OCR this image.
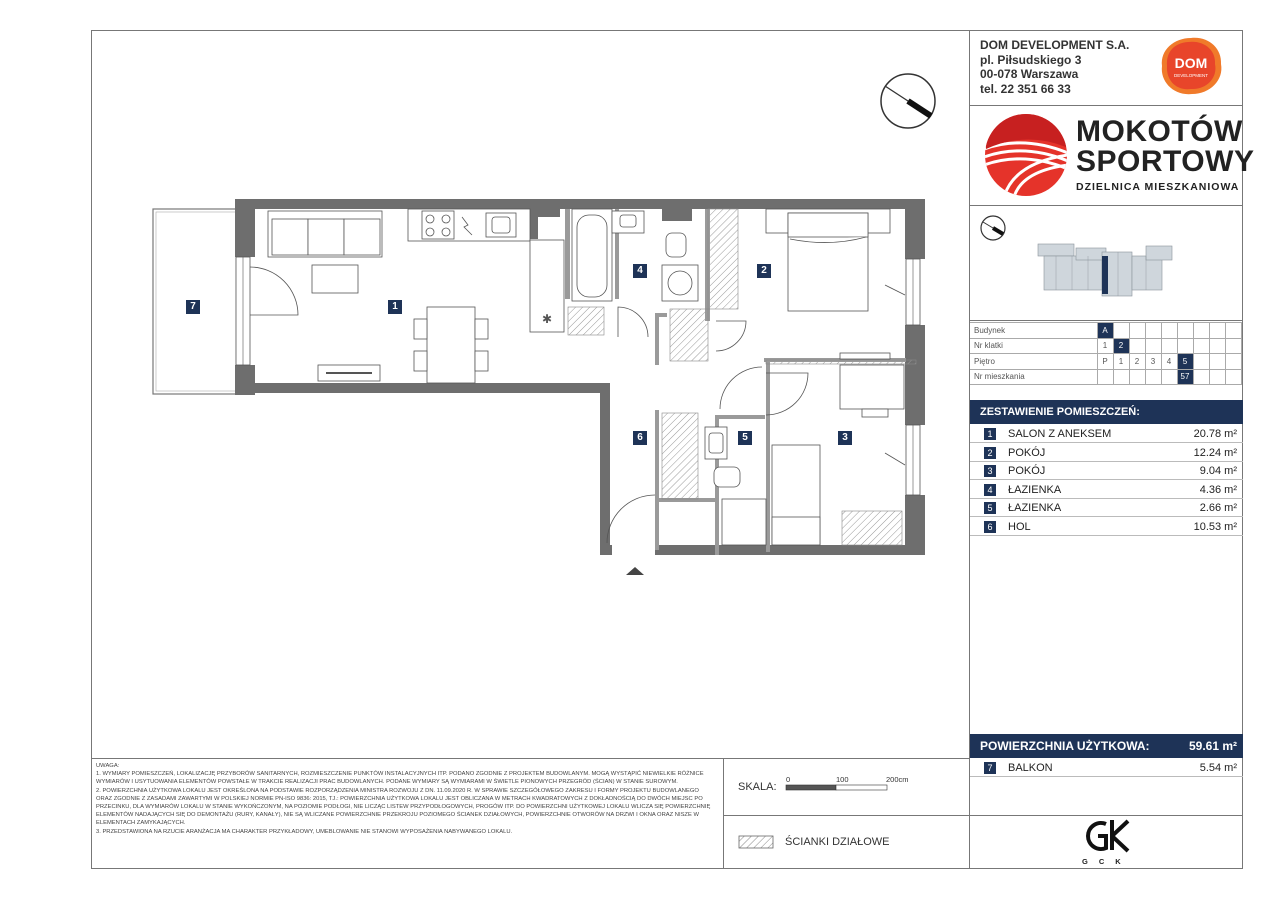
DOM DEVELOPMENT S.A.
pl. Piłsudskiego 3
00-078 Warszawa
tel. 22 351 66 33
DOM
DEVELOPMENT
MOKOTÓW
SPORTOWY
DZIELNICA MIESZKANIOWA
Budynek	A								
Nr klatki	1	2							
Piętro	P	1	2	3	4	5			
Nr mieszkania						57			
ZESTAWIENIE POMIESZCZEŃ:
1	SALON Z ANEKSEM	20.78 m²
2	POKÓJ	12.24 m²
3	POKÓJ	9.04 m²
4	ŁAZIENKA	4.36 m²
5	ŁAZIENKA	2.66 m²
6	HOL	10.53 m²
POWIERZCHNIA UŻYTKOWA:	59.61 m²
7	BALKON	5.54 m²
GCK

UWAGA:

1. WYMIARY POMIESZCZEŃ, LOKALIZACJĘ PRZYBORÓW SANITARNYCH, ROZMIESZCZENIE PUNKTÓW INSTALACYJNYCH ITP. PODANO ZGODNIE Z PROJEKTEM BUDOWLANYM. MOGĄ WYSTĄPIĆ NIEWIELKIE RÓŻNICE WYMIARÓW I USYTUOWANIA ELEMENTÓW POWSTAŁE W TRAKCIE REALIZACJI PRAC BUDOWLANYCH. PODANE WYMIARY SĄ WYMIARAMI W ŚWIETLE PIONOWYCH PRZEGRÓD (ŚCIAN) W STANIE SUROWYM.

2. POWIERZCHNIA UŻYTKOWA LOKALU JEST OKREŚLONA NA PODSTAWIE ROZPORZĄDZENIA MINISTRA ROZWOJU Z DN. 11.09.2020 R. W SPRAWIE SZCZEGÓŁOWEGO ZAKRESU I FORMY PROJEKTU BUDOWLANEGO ORAZ ZGODNIE Z ZASADAMI ZAWARTYMI W POLSKIEJ NORMIE PN-ISO 9836: 2015, TJ.: POWIERZCHNIA UŻYTKOWA LOKALU JEST OBLICZANA W METRACH KWADRATOWYCH Z DOKŁADNOŚCIĄ DO DWÓCH MIEJSC PO PRZECINKU, DLA WYMIARÓW LOKALU W STANIE WYKOŃCZONYM, NA POZIOMIE PODŁOGI, NIE LICZĄC LISTEW PRZYPODŁOGOWYCH, PROGÓW ITP. DO POWIERZCHNI UŻYTKOWEJ LOKALU WLICZA SIĘ POWIERZCHNIĘ ELEMENTÓW NADAJĄCYCH SIĘ DO DEMONTAŻU (RURY, KANAŁY), NIE SĄ WLICZANE POWIERZCHNIE PRZEKROJU POZIOMEGO ŚCIANEK DZIAŁOWYCH, POWIERZCHNIE OTWORÓW NA DRZWI I OKNA ORAZ NISZE W ELEMENTACH ZAMYKAJĄCYCH.

3. PRZEDSTAWIONA NA RZUCIE ARANŻACJA MA CHARAKTER PRZYKŁADOWY, UMEBLOWANIE NIE STANOWI WYPOSAŻENIA NABYWANEGO LOKALU.

SKALA:
0	100	200cm
ŚCIANKI DZIAŁOWE
✱
1
2
3
4
5
6
7
